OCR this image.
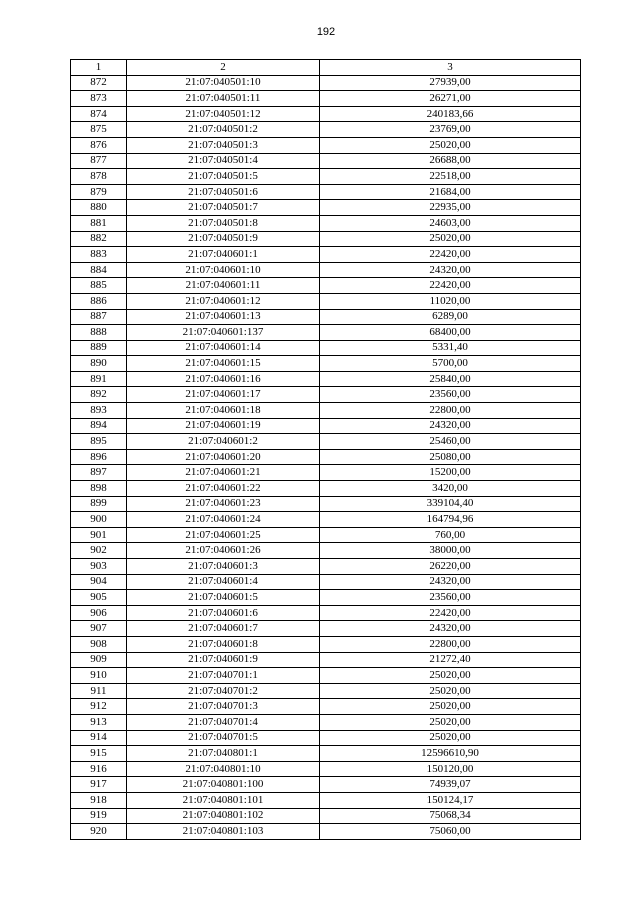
192
1	2	3
872	21:07:040501:10	27939,00
873	21:07:040501:11	26271,00
874	21:07:040501:12	240183,66
875	21:07:040501:2	23769,00
876	21:07:040501:3	25020,00
877	21:07:040501:4	26688,00
878	21:07:040501:5	22518,00
879	21:07:040501:6	21684,00
880	21:07:040501:7	22935,00
881	21:07:040501:8	24603,00
882	21:07:040501:9	25020,00
883	21:07:040601:1	22420,00
884	21:07:040601:10	24320,00
885	21:07:040601:11	22420,00
886	21:07:040601:12	11020,00
887	21:07:040601:13	6289,00
888	21:07:040601:137	68400,00
889	21:07:040601:14	5331,40
890	21:07:040601:15	5700,00
891	21:07:040601:16	25840,00
892	21:07:040601:17	23560,00
893	21:07:040601:18	22800,00
894	21:07:040601:19	24320,00
895	21:07:040601:2	25460,00
896	21:07:040601:20	25080,00
897	21:07:040601:21	15200,00
898	21:07:040601:22	3420,00
899	21:07:040601:23	339104,40
900	21:07:040601:24	164794,96
901	21:07:040601:25	760,00
902	21:07:040601:26	38000,00
903	21:07:040601:3	26220,00
904	21:07:040601:4	24320,00
905	21:07:040601:5	23560,00
906	21:07:040601:6	22420,00
907	21:07:040601:7	24320,00
908	21:07:040601:8	22800,00
909	21:07:040601:9	21272,40
910	21:07:040701:1	25020,00
911	21:07:040701:2	25020,00
912	21:07:040701:3	25020,00
913	21:07:040701:4	25020,00
914	21:07:040701:5	25020,00
915	21:07:040801:1	12596610,90
916	21:07:040801:10	150120,00
917	21:07:040801:100	74939,07
918	21:07:040801:101	150124,17
919	21:07:040801:102	75068,34
920	21:07:040801:103	75060,00
